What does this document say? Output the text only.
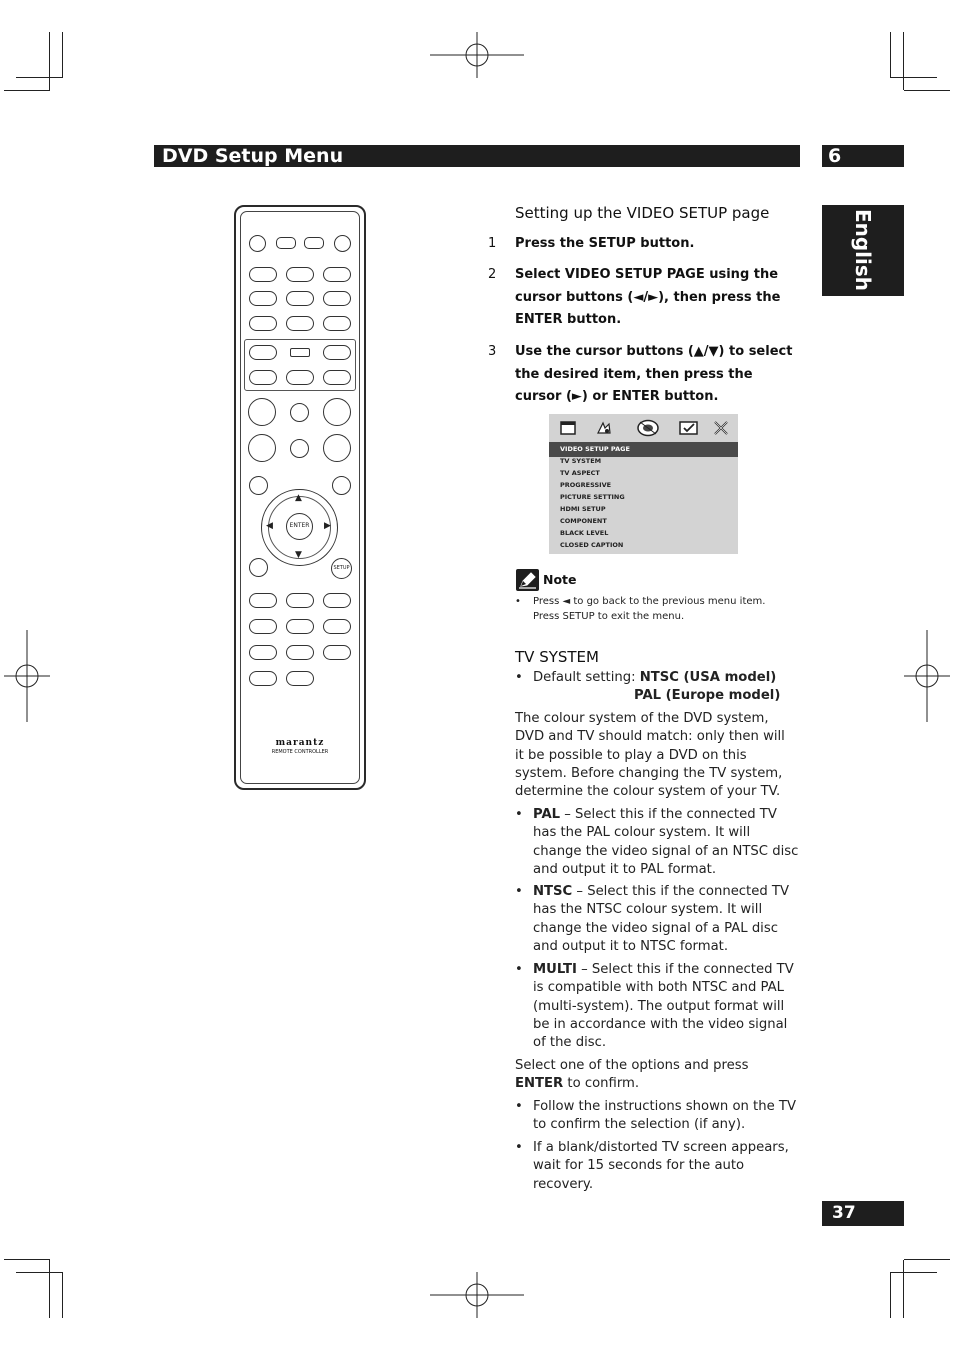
DVD Setup Menu	6
English
37
▲
▼
◀	▶
ENTER
SETUP
marantz
REMOTE CONTROLLER
Setting up the VIDEO SETUP page
1 Press the SETUP button.
2 Select VIDEO SETUP PAGE using the cursor buttons (◄/►), then press the ENTER button.
3 Use the cursor buttons (▲/▼) to select the desired item, then press the cursor (►) or ENTER button.
VIDEO SETUP PAGE
TV SYSTEM
TV ASPECT
PROGRESSIVE
PICTURE SETTING
HDMI SETUP
COMPONENT
BLACK LEVEL
CLOSED CAPTION
Note
• Press ◄ to go back to the previous menu item.
Press SETUP to exit the menu.
TV SYSTEM
• Default setting: NTSC (USA model)
PAL (Europe model)
The colour system of the DVD system, DVD and TV should match: only then will it be possible to play a DVD on this system. Before changing the TV system, determine the colour system of your TV.
• PAL – Select this if the connected TV has the PAL colour system. It will change the video signal of an NTSC disc and output it to PAL format.
• NTSC – Select this if the connected TV has the NTSC colour system. It will change the video signal of a PAL disc and output it to NTSC format.
• MULTI – Select this if the connected TV is compatible with both NTSC and PAL (multi-system). The output format will be in accordance with the video signal of the disc.
Select one of the options and press ENTER to confirm.
• Follow the instructions shown on the TV to confirm the selection (if any).
• If a blank/distorted TV screen appears, wait for 15 seconds for the auto recovery.
